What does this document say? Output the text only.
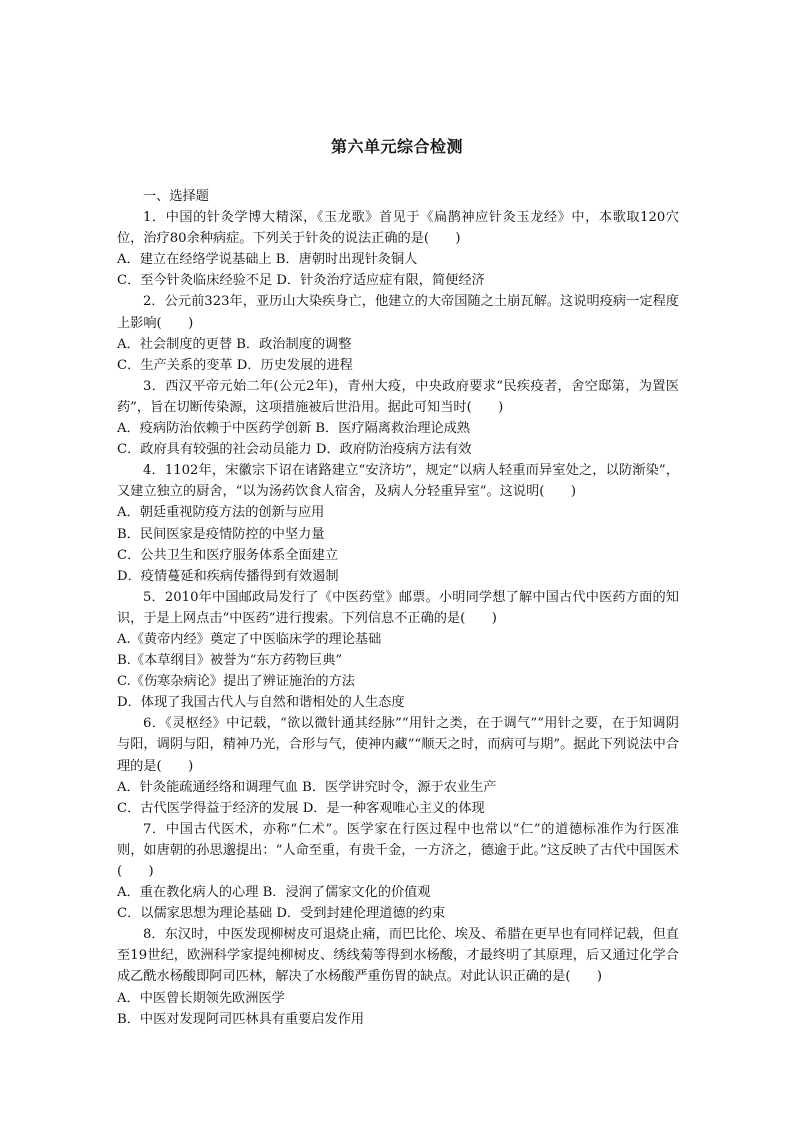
第六单元综合检测

一、选择题

1．中国的针灸学博大精深，《玉龙歌》首见于《扁鹊神应针灸玉龙经》中，本歌取120穴位，治疗80余种病症。下列关于针灸的说法正确的是(　　)

A．建立在经络学说基础上 B．唐朝时出现针灸铜人

C．至今针灸临床经验不足 D．针灸治疗适应症有限，简便经济

2．公元前323年，亚历山大染疾身亡，他建立的大帝国随之土崩瓦解。这说明疫病一定程度上影响(　　)

A．社会制度的更替 B．政治制度的调整

C．生产关系的变革 D．历史发展的进程

3．西汉平帝元始二年(公元2年)，青州大疫，中央政府要求“民疾疫者，舍空邸第，为置医药”，旨在切断传染源，这项措施被后世沿用。据此可知当时(　　)

A．疫病防治依赖于中医药学创新 B．医疗隔离救治理论成熟

C．政府具有较强的社会动员能力 D．政府防治疫病方法有效

4．1102年，宋徽宗下诏在诸路建立“安济坊”，规定“以病人轻重而异室处之，以防渐染”，又建立独立的厨舍，“以为汤药饮食人宿舍，及病人分轻重异室”。这说明(　　)

A．朝廷重视防疫方法的创新与应用

B．民间医家是疫情防控的中坚力量

C．公共卫生和医疗服务体系全面建立

D．疫情蔓延和疾病传播得到有效遏制

5．2010年中国邮政局发行了《中医药堂》邮票。小明同学想了解中国古代中医药方面的知识，于是上网点击“中医药”进行搜索。下列信息不正确的是(　　)

A.《黄帝内经》奠定了中医临床学的理论基础

B.《本草纲目》被誉为“东方药物巨典”

C.《伤寒杂病论》提出了辨证施治的方法

D．体现了我国古代人与自然和谐相处的人生态度

6．《灵枢经》中记载，“欲以微针通其经脉”“用针之类，在于调气”“用针之要，在于知调阴与阳，调阴与阳，精神乃光，合形与气，使神内藏”“顺天之时，而病可与期”。据此下列说法中合理的是(　　)

A．针灸能疏通经络和调理气血 B．医学讲究时令，源于农业生产

C．古代医学得益于经济的发展 D．是一种客观唯心主义的体现

7．中国古代医术，亦称“仁术”。医学家在行医过程中也常以“仁”的道德标准作为行医准则，如唐朝的孙思邈提出：“人命至重，有贵千金，一方济之，德逾于此。”这反映了古代中国医术(　　)

A．重在教化病人的心理 B．浸润了儒家文化的价值观

C．以儒家思想为理论基础 D．受到封建伦理道德的约束

8．东汉时，中医发现柳树皮可退烧止痛，而巴比伦、埃及、希腊在更早也有同样记载，但直至19世纪，欧洲科学家提纯柳树皮、绣线菊等得到水杨酸，才最终明了其原理，后又通过化学合成乙酰水杨酸即阿司匹林，解决了水杨酸严重伤胃的缺点。对此认识正确的是(　　)

A．中医曾长期领先欧洲医学

B．中医对发现阿司匹林具有重要启发作用
